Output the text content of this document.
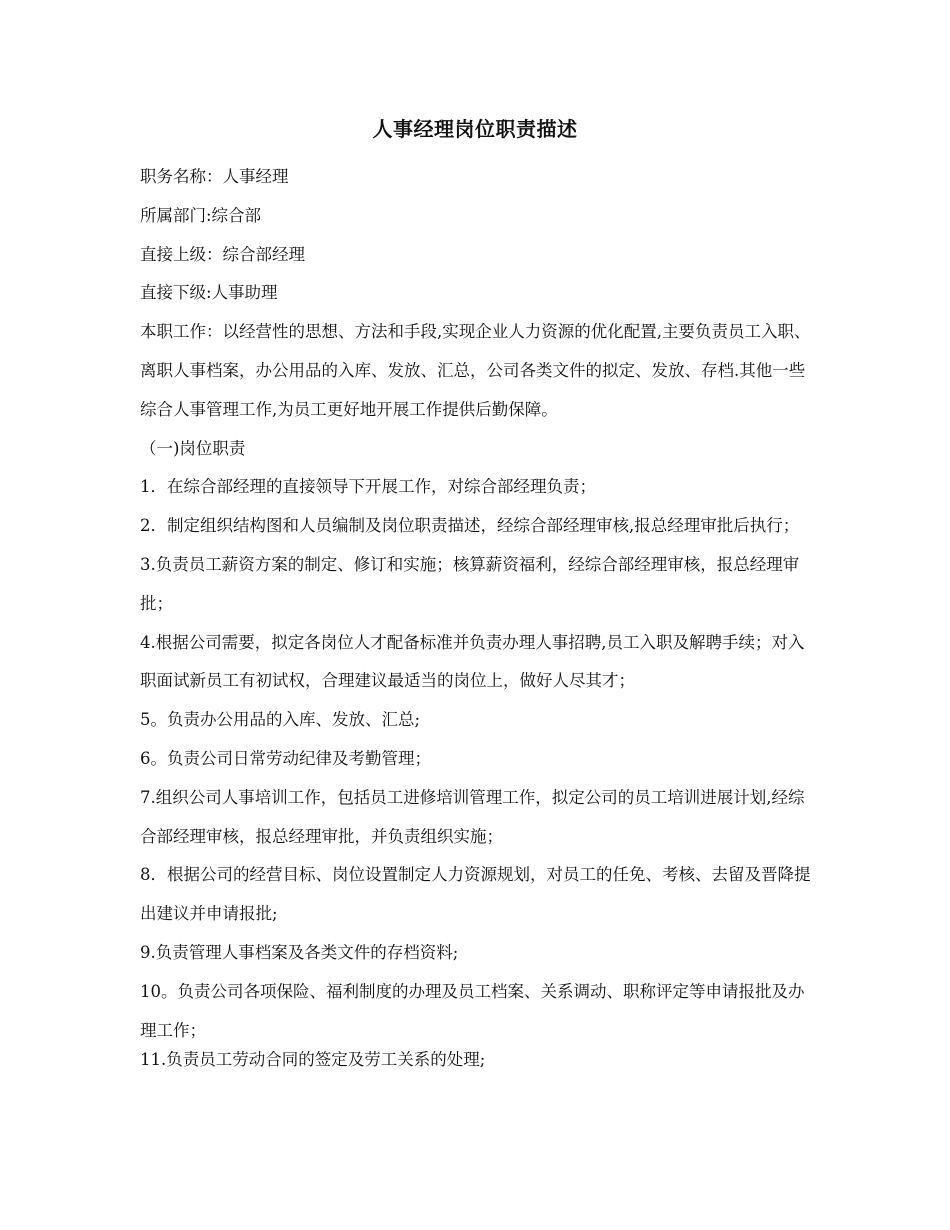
人事经理岗位职责描述

职务名称：人事经理

所属部门:综合部

直接上级：综合部经理

直接下级:人事助理

本职工作：以经营性的思想、方法和手段,实现企业人力资源的优化配置,主要负责员工入职、离职人事档案，办公用品的入库、发放、汇总，公司各类文件的拟定、发放、存档.其他一些综合人事管理工作,为员工更好地开展工作提供后勤保障。

（一)岗位职责

1．在综合部经理的直接领导下开展工作，对综合部经理负责；

2．制定组织结构图和人员编制及岗位职责描述，经综合部经理审核,报总经理审批后执行；

3.负责员工薪资方案的制定、修订和实施；核算薪资福利，经综合部经理审核，报总经理审批；

4.根据公司需要，拟定各岗位人才配备标准并负责办理人事招聘,员工入职及解聘手续；对入职面试新员工有初试权，合理建议最适当的岗位上，做好人尽其才；

5。负责办公用品的入库、发放、汇总;

6。负责公司日常劳动纪律及考勤管理；

7.组织公司人事培训工作，包括员工进修培训管理工作，拟定公司的员工培训进展计划,经综合部经理审核，报总经理审批，并负责组织实施；

8．根据公司的经营目标、岗位设置制定人力资源规划，对员工的任免、考核、去留及晋降提出建议并申请报批;

9.负责管理人事档案及各类文件的存档资料;

10。负责公司各项保险、福利制度的办理及员工档案、关系调动、职称评定等申请报批及办理工作；

11.负责员工劳动合同的签定及劳工关系的处理;
